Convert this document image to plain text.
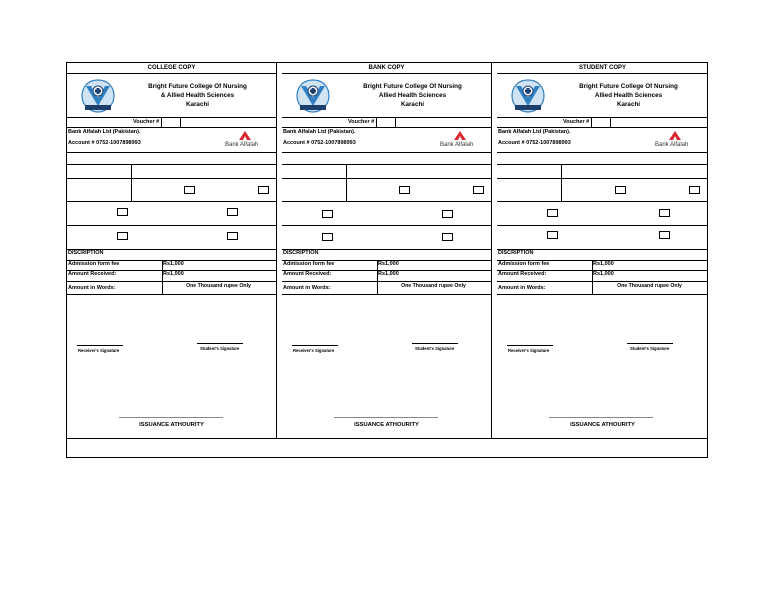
COLLEGE COPY
Bright Future College Of Nursing
& Allied Health Sciences
Karachi
Voucher #
Bank Alfalah Ltd (Pakistan).
Account # 0752-1007898993	Bank Alfalah
DISCRIPTION
Admission form fee	Rs1,000
Amount Received:	Rs1,000
Amount in Words:	One Thousand rupee Only
Receiver's Signature	Student's Signature
ISSUANCE ATHOURITY
BANK COPY
Bright Future College Of Nursing
Allied Health Sciences
Karachi
Voucher #
Bank Alfalah Ltd (Pakistan).
Account # 0752-1007898993	Bank Alfalah
DISCRIPTION
Admission form fee	Rs1,000
Amount Received:	Rs1,000
Amount in Words:	One Thousand rupee Only
Receiver's Signature	Student's Signature
ISSUANCE ATHOURITY
STUDENT COPY
Bright Future College Of Nursing
Allied Health Sciences
Karachi
Voucher #
Bank Alfalah Ltd (Pakistan).
Account # 0752-1007898993	Bank Alfalah
DISCRIPTION
Admission form fee	Rs1,000
Amount Received:	Rs1,000
Amount in Words:	One Thousand rupee Only
Receiver's Signature	Student's Signature
ISSUANCE ATHOURITY
